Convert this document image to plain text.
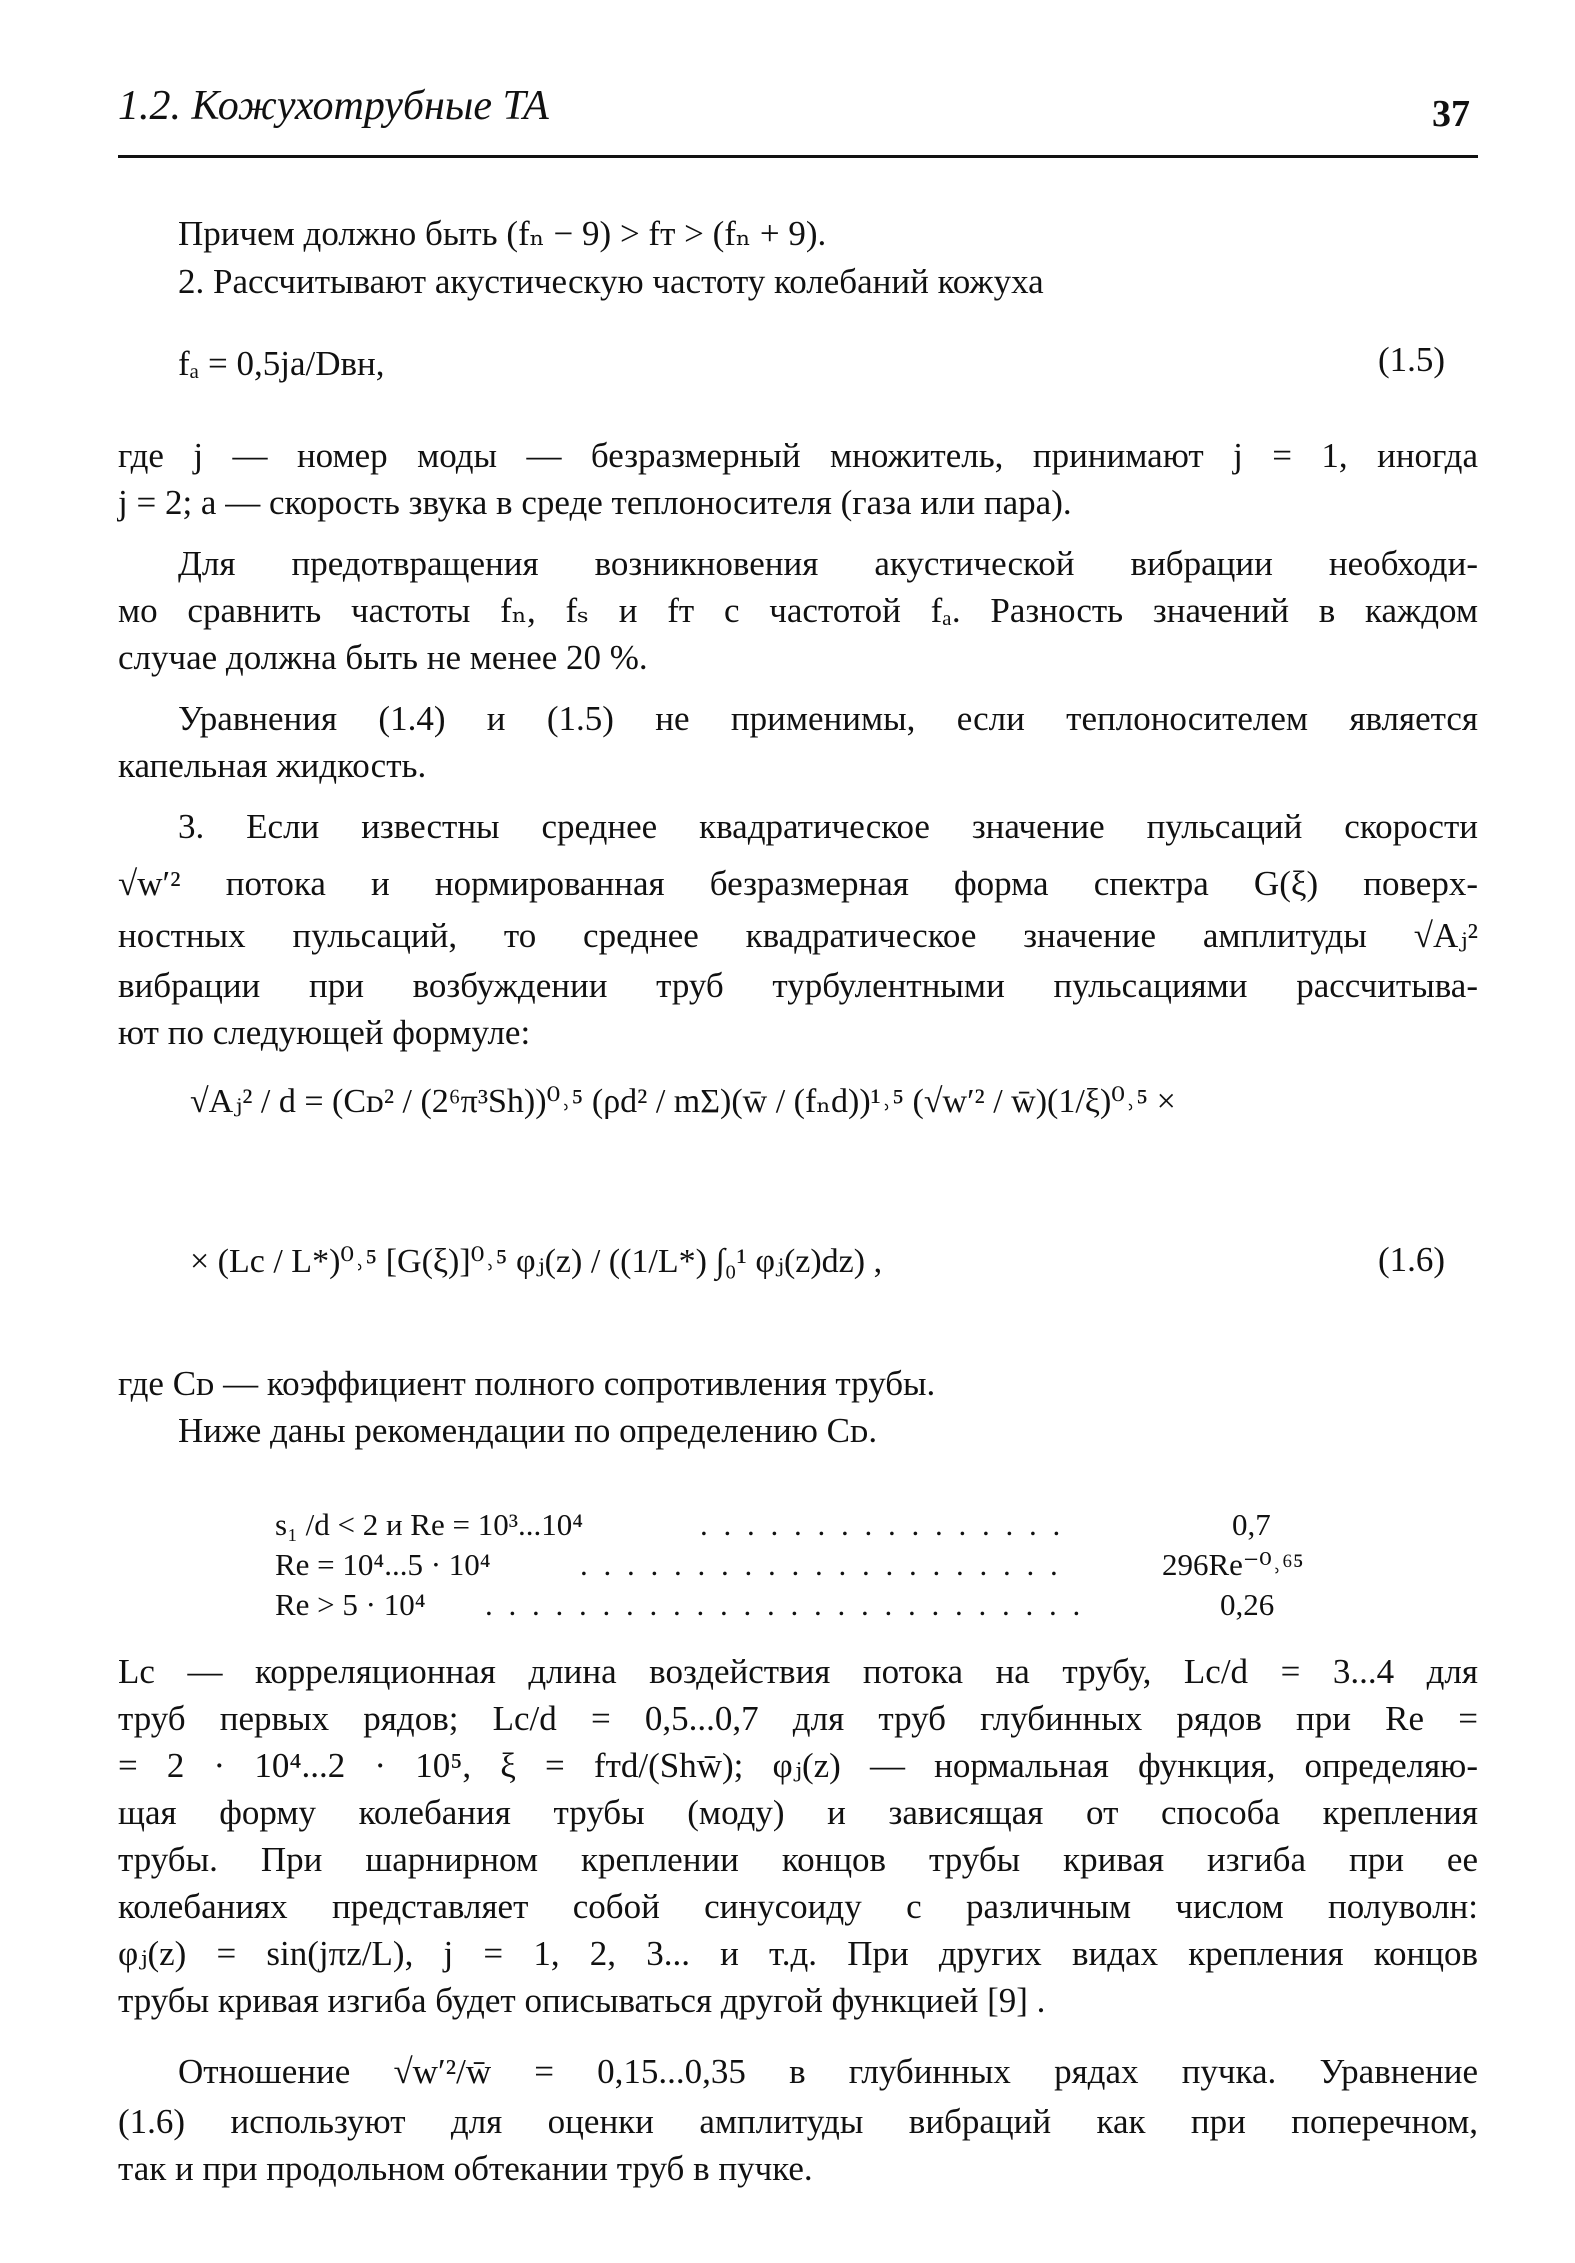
1.2. Кожухотрубные ТА	37
Причем должно быть (fₙ − 9) > fт > (fₙ + 9).
2. Рассчитывают акустическую частоту колебаний кожуха
fₐ = 0,5ja/Dвн,	(1.5)
где j — номер моды — безразмерный множитель, принимают j = 1, иногда
j = 2; a — скорость звука в среде теплоносителя (газа или пара).
Для предотвращения возникновения акустической вибрации необходи-
мо сравнить частоты fₙ, fₛ и fт с частотой fₐ. Разность значений в каждом
случае должна быть не менее 20 %.
Уравнения (1.4) и (1.5) не применимы, если теплоносителем является
капельная жидкость.
3. Если известны среднее квадратическое значение пульсаций скорости
√w′² потока и нормированная безразмерная форма спектра G(ξ) поверх-
ностных пульсаций, то среднее квадратическое значение амплитуды √Aⱼ²
вибрации при возбуждении труб турбулентными пульсациями рассчитыва-
ют по следующей формуле:
√Aⱼ² / d = (Cᴅ² / (2⁶π³Sh))⁰˒⁵ (ρd² / mΣ)(w̄ / (fₙd))¹˒⁵ (√w′² / w̄)(1/ξ)⁰˒⁵ ×
× (Lс / L*)⁰˒⁵ [G(ξ)]⁰˒⁵ φⱼ(z) / ((1/L*) ∫₀¹ φⱼ(z)dz) ,	(1.6)
где Cᴅ — коэффициент полного сопротивления трубы.
Ниже даны рекомендации по определению Cᴅ.
s₁ /d < 2 и Re = 10³...10⁴	. . . . . . . . . . . . . . . .	0,7
Re = 10⁴...5 · 10⁴	. . . . . . . . . . . . . . . . . . . . .	296Re⁻⁰˒⁶⁵
Re > 5 · 10⁴ . . . . . . . . . . . . . . . . . . . . . . . . . .	0,26
Lс — корреляционная длина воздействия потока на трубу, Lс/d = 3...4 для
труб первых рядов; Lс/d = 0,5...0,7 для труб глубинных рядов при Re =
= 2 · 10⁴...2 · 10⁵, ξ = fтd/(Shw̄); φⱼ(z) — нормальная функция, определяю-
щая форму колебания трубы (моду) и зависящая от способа крепления
трубы. При шарнирном креплении концов трубы кривая изгиба при ее
колебаниях представляет собой синусоиду с различным числом полуволн:
φⱼ(z) = sin(jπz/L), j = 1, 2, 3... и т.д. При других видах крепления концов
трубы кривая изгиба будет описываться другой функцией [9] .
Отношение √w′²/w̄ = 0,15...0,35 в глубинных рядах пучка. Уравнение
(1.6) используют для оценки амплитуды вибраций как при поперечном,
так и при продольном обтекании труб в пучке.
